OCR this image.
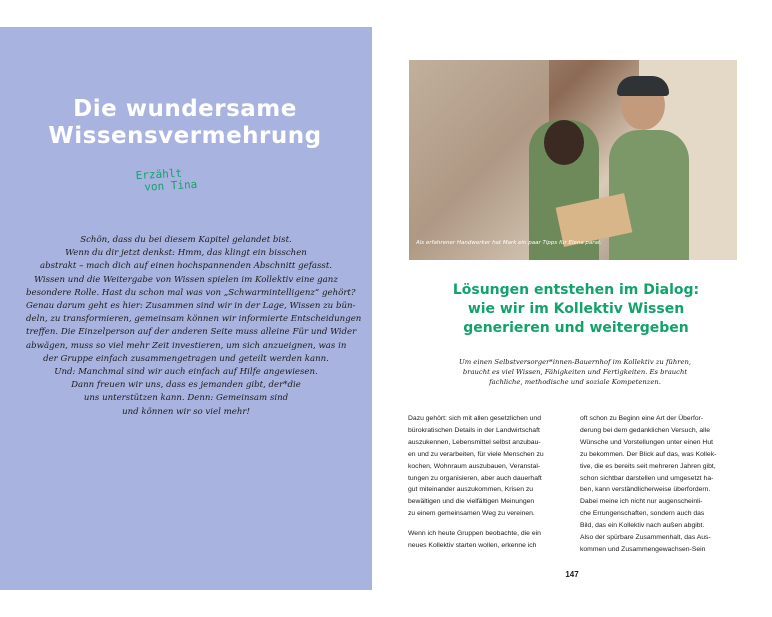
Die wundersame
Wissensvermehrung
Erzählt
von Tina
Schön, dass du bei diesem Kapitel gelandet bist.
Wenn du dir jetzt denkst: Hmm, das klingt ein bisschen
abstrakt – mach dich auf einen hochspannenden Abschnitt gefasst.
Wissen und die Weitergabe von Wissen spielen im Kollektiv eine ganz
besondere Rolle. Hast du schon mal was von „Schwarmintelligenz“ gehört?
Genau darum geht es hier: Zusammen sind wir in der Lage, Wissen zu bün-
deln, zu transformieren, gemeinsam können wir informierte Entscheidungen
treffen. Die Einzelperson auf der anderen Seite muss alleine Für und Wider
abwägen, muss so viel mehr Zeit investieren, um sich anzueignen, was in
der Gruppe einfach zusammengetragen und geteilt werden kann.
Und: Manchmal sind wir auch einfach auf Hilfe angewiesen.
Dann freuen wir uns, dass es jemanden gibt, der*die
uns unterstützen kann. Denn: Gemeinsam sind
und können wir so viel mehr!
Als erfahrener Handwerker hat Mark ein paar Tipps für Elena parat.
Lösungen entstehen im Dialog:
wie wir im Kollektiv Wissen
generieren und weitergeben
Um einen Selbstversorger*innen-Bauernhof im Kollektiv zu führen,
braucht es viel Wissen, Fähigkeiten und Fertigkeiten. Es braucht
fachliche, methodische und soziale Kompetenzen.
Dazu gehört: sich mit allen gesetzlichen und
bürokratischen Details in der Landwirtschaft
auszukennen, Lebensmittel selbst anzubau-
en und zu verarbeiten, für viele Menschen zu
kochen, Wohnraum auszubauen, Veranstal-
tungen zu organisieren, aber auch dauerhaft
gut miteinander auszukommen, Krisen zu
bewältigen und die vielfältigen Meinungen
zu einem gemeinsamen Weg zu vereinen.
Wenn ich heute Gruppen beobachte, die ein
neues Kollektiv starten wollen, erkenne ich
oft schon zu Beginn eine Art der Überfor-
derung bei dem gedanklichen Versuch, alle
Wünsche und Vorstellungen unter einen Hut
zu bekommen. Der Blick auf das, was Kollek-
tive, die es bereits seit mehreren Jahren gibt,
schon sichtbar darstellen und umgesetzt ha-
ben, kann verständlicherweise überfordern.
Dabei meine ich nicht nur augenscheinli-
che Errungenschaften, sondern auch das
Bild, das ein Kollektiv nach außen abgibt.
Also der spürbare Zusammenhalt, das Aus-
kommen und Zusammengewachsen-Sein
147
